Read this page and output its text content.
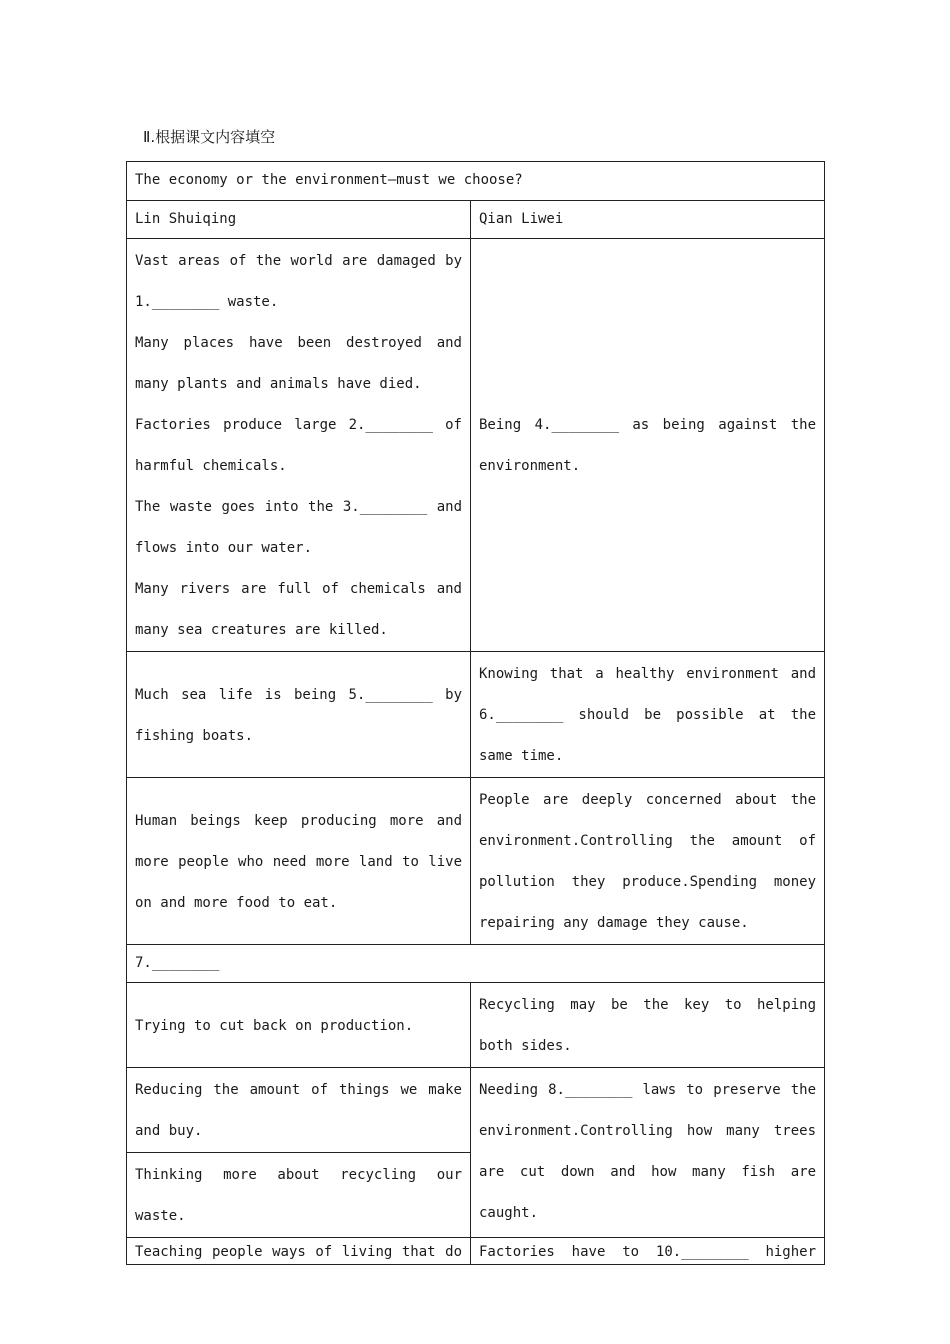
Ⅱ.根据课文内容填空
The economy or the environment—must we choose?	
Lin Shuiqing	Qian Liwei

Vast areas of the world are damaged by 1.________ waste.
Many places have been destroyed and many plants and animals have died.
Factories produce large 2.________ of harmful chemicals.
The waste goes into the 3.________ and flows into our water.
Many rivers are full of chemicals and many sea creatures are killed.	Being 4.________ as being against the environment.

Much sea life is being 5.________ by fishing boats.	Knowing that a healthy environment and 6.________ should be possible at the same time.

Human beings keep producing more and more people who need more land to live on and more food to eat.	People are deeply concerned about the environment.Controlling the amount of pollution they produce.Spending money repairing any damage they cause.

7.________	

Trying to cut back on production.	Recycling may be the key to helping both sides.

Reducing the amount of things we make and buy.	Needing 8.________ laws to preserve the environment.Controlling how many trees are cut down and how many fish are caught.

Thinking more about recycling our waste.	

Teaching people ways of living that do	Factories have to 10.________ higher
